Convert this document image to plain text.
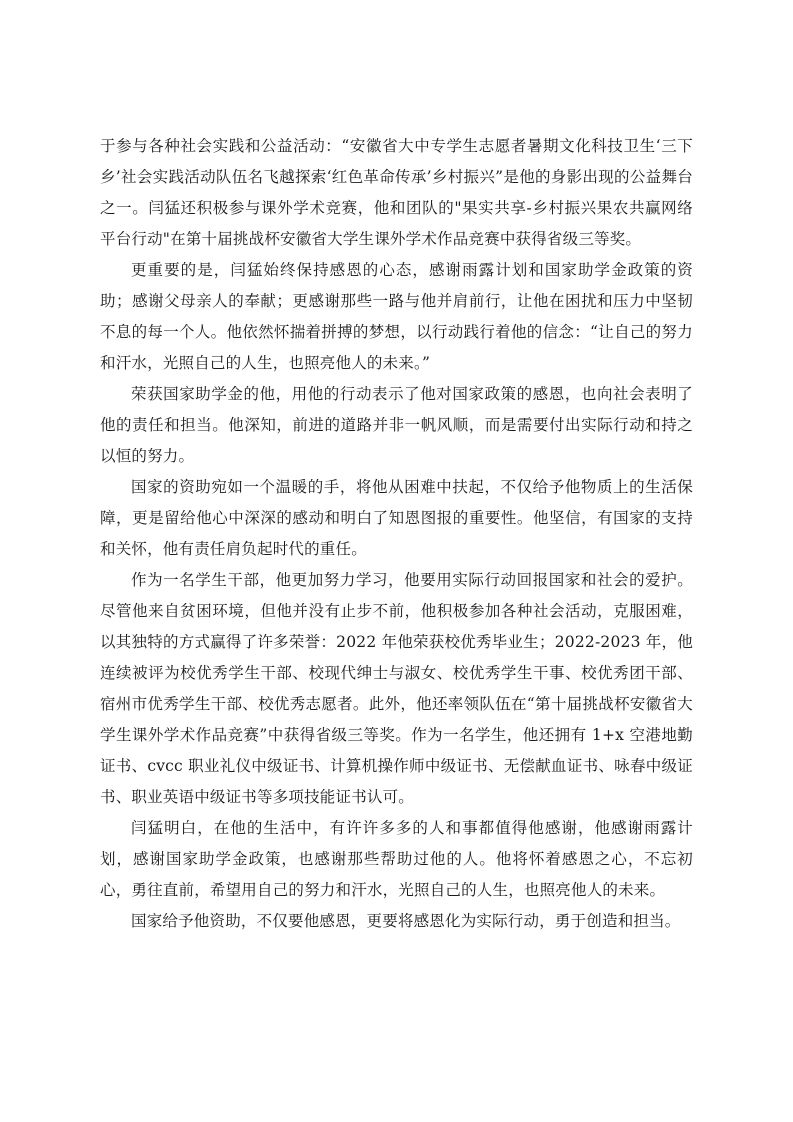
于参与各种社会实践和公益活动：“安徽省大中专学生志愿者暑期文化科技卫生‘三下乡’社会实践活动队伍名飞越探索‘红色革命传承’乡村振兴”是他的身影出现的公益舞台之一。闫猛还积极参与课外学术竞赛，他和团队的"果实共享-乡村振兴果农共赢网络平台行动"在第十届挑战杯安徽省大学生课外学术作品竞赛中获得省级三等奖。

更重要的是，闫猛始终保持感恩的心态，感谢雨露计划和国家助学金政策的资助；感谢父母亲人的奉献；更感谢那些一路与他并肩前行，让他在困扰和压力中坚韧不息的每一个人。他依然怀揣着拼搏的梦想，以行动践行着他的信念：“让自己的努力和汗水，光照自己的人生，也照亮他人的未来。”

荣获国家助学金的他，用他的行动表示了他对国家政策的感恩，也向社会表明了他的责任和担当。他深知，前进的道路并非一帆风顺，而是需要付出实际行动和持之以恒的努力。

国家的资助宛如一个温暖的手，将他从困难中扶起，不仅给予他物质上的生活保障，更是留给他心中深深的感动和明白了知恩图报的重要性。他坚信，有国家的支持和关怀，他有责任肩负起时代的重任。

作为一名学生干部，他更加努力学习，他要用实际行动回报国家和社会的爱护。尽管他来自贫困环境，但他并没有止步不前，他积极参加各种社会活动，克服困难，以其独特的方式赢得了许多荣誉：2022 年他荣获校优秀毕业生；2022-2023 年，他连续被评为校优秀学生干部、校现代绅士与淑女、校优秀学生干事、校优秀团干部、宿州市优秀学生干部、校优秀志愿者。此外，他还率领队伍在“第十届挑战杯安徽省大学生课外学术作品竞赛”中获得省级三等奖。作为一名学生，他还拥有 1+x 空港地勤证书、cvcc 职业礼仪中级证书、计算机操作师中级证书、无偿献血证书、咏春中级证书、职业英语中级证书等多项技能证书认可。

闫猛明白，在他的生活中，有许许多多的人和事都值得他感谢，他感谢雨露计划，感谢国家助学金政策，也感谢那些帮助过他的人。他将怀着感恩之心，不忘初心，勇往直前，希望用自己的努力和汗水，光照自己的人生，也照亮他人的未来。

国家给予他资助，不仅要他感恩，更要将感恩化为实际行动，勇于创造和担当。
